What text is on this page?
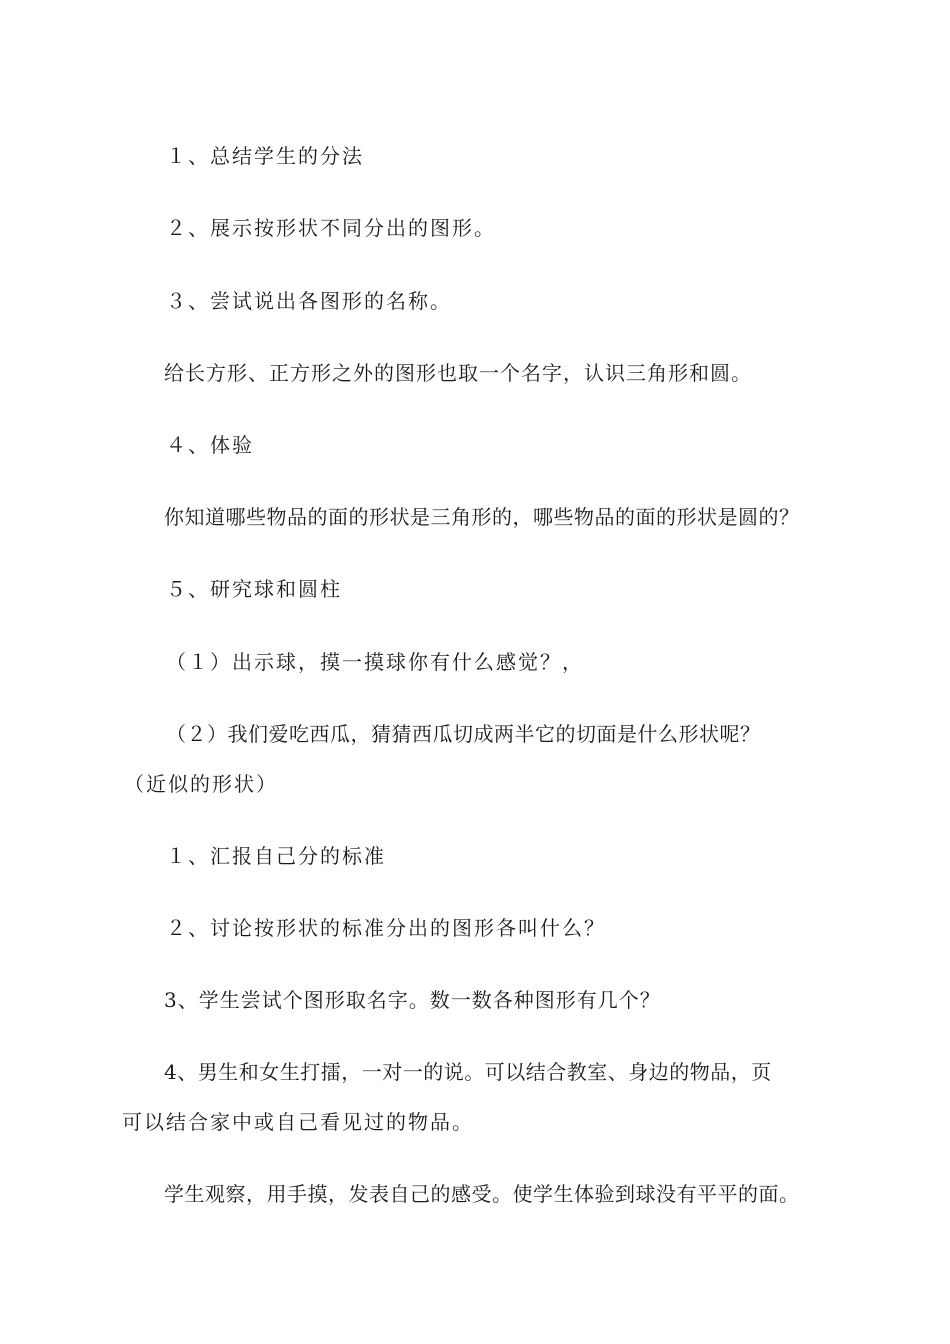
１、总结学生的分法
２、展示按形状不同分出的图形。
３、尝试说出各图形的名称。
给长方形、正方形之外的图形也取一个名字，认识三角形和圆。
４、体验
你知道哪些物品的面的形状是三角形的，哪些物品的面的形状是圆的？
５、研究球和圆柱
（１）出示球，摸一摸球你有什么感觉？，
（２）我们爱吃西瓜，猜猜西瓜切成两半它的切面是什么形状呢？
（近似的形状）
１、汇报自己分的标准
２、讨论按形状的标准分出的图形各叫什么？
3、学生尝试个图形取名字。数一数各种图形有几个？
4、男生和女生打擂，一对一的说。可以结合教室、身边的物品，页
可以结合家中或自己看见过的物品。
学生观察，用手摸，发表自己的感受。使学生体验到球没有平平的面。
